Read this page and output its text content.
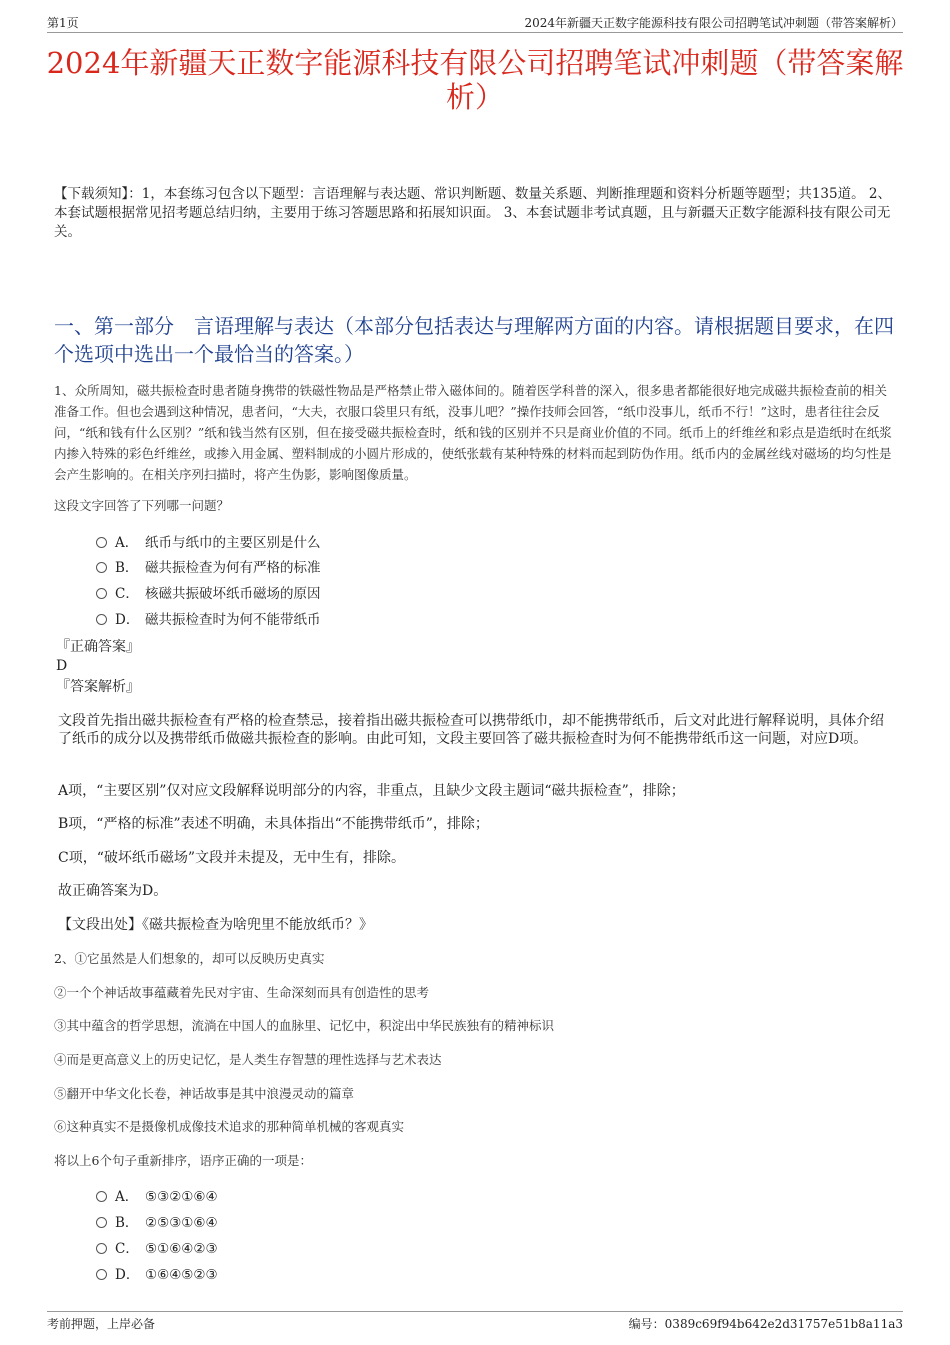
第1页	2024年新疆天正数字能源科技有限公司招聘笔试冲刺题（带答案解析）
2024年新疆天正数字能源科技有限公司招聘笔试冲刺题（带答案解析）
【下载须知】：1，本套练习包含以下题型：言语理解与表达题、常识判断题、数量关系题、判断推理题和资料分析题等题型；共135道。 2、本套试题根据常见招考题总结归纳，主要用于练习答题思路和拓展知识面。 3、本套试题非考试真题，且与新疆天正数字能源科技有限公司无关。
一、第一部分　言语理解与表达（本部分包括表达与理解两方面的内容。请根据题目要求，在四个选项中选出一个最恰当的答案。）
1、众所周知，磁共振检查时患者随身携带的铁磁性物品是严格禁止带入磁体间的。随着医学科普的深入，很多患者都能很好地完成磁共振检查前的相关准备工作。但也会遇到这种情况，患者问，“大夫，衣服口袋里只有纸，没事儿吧？”操作技师会回答，“纸巾没事儿，纸币不行！”这时，患者往往会反问，“纸和钱有什么区别？”纸和钱当然有区别，但在接受磁共振检查时，纸和钱的区别并不只是商业价值的不同。纸币上的纤维丝和彩点是造纸时在纸浆内掺入特殊的彩色纤维丝，或掺入用金属、塑料制成的小圆片形成的，使纸张载有某种特殊的材料而起到防伪作用。纸币内的金属丝线对磁场的均匀性是会产生影响的。在相关序列扫描时，将产生伪影，影响图像质量。
这段文字回答了下列哪一问题？
A． 纸币与纸巾的主要区别是什么
B． 磁共振检查为何有严格的标准
C． 核磁共振破坏纸币磁场的原因
D． 磁共振检查时为何不能带纸币
『正确答案』
D
『答案解析』
文段首先指出磁共振检查有严格的检查禁忌，接着指出磁共振检查可以携带纸巾，却不能携带纸币，后文对此进行解释说明，具体介绍了纸币的成分以及携带纸币做磁共振检查的影响。由此可知，文段主要回答了磁共振检查时为何不能携带纸币这一问题，对应D项。
A项，“主要区别”仅对应文段解释说明部分的内容，非重点，且缺少文段主题词“磁共振检查”，排除；
B项，“严格的标准”表述不明确，未具体指出“不能携带纸币”，排除；
C项，“破坏纸币磁场”文段并未提及，无中生有，排除。
故正确答案为D。
【文段出处】《磁共振检查为啥兜里不能放纸币？》
2、①它虽然是人们想象的，却可以反映历史真实
②一个个神话故事蕴藏着先民对宇宙、生命深刻而具有创造性的思考
③其中蕴含的哲学思想，流淌在中国人的血脉里、记忆中，积淀出中华民族独有的精神标识
④而是更高意义上的历史记忆，是人类生存智慧的理性选择与艺术表达
⑤翻开中华文化长卷，神话故事是其中浪漫灵动的篇章
⑥这种真实不是摄像机成像技术追求的那种简单机械的客观真实
将以上6个句子重新排序，语序正确的一项是：
A． ⑤③②①⑥④
B． ②⑤③①⑥④
C． ⑤①⑥④②③
D． ①⑥④⑤②③
考前押题，上岸必备	编号：0389c69f94b642e2d31757e51b8a11a3
